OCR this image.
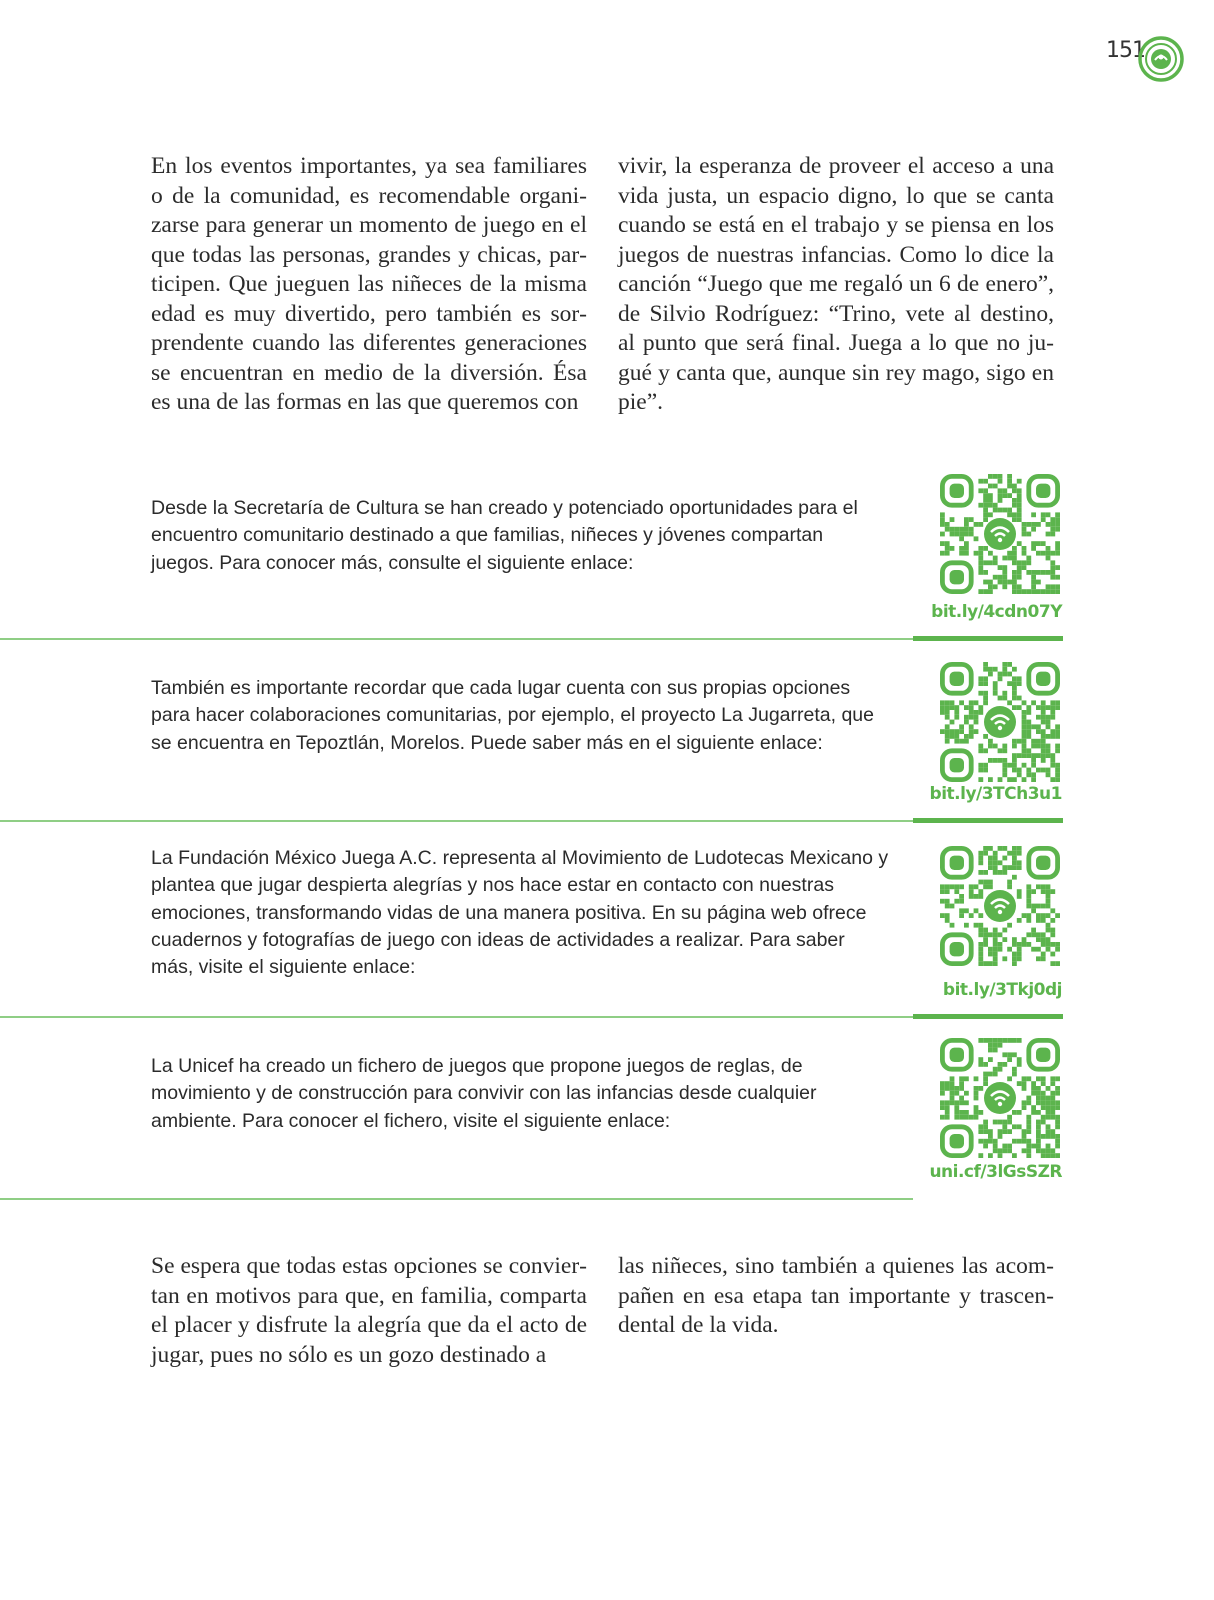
151

En los eventos importantes, ya sea familiares o de la comunidad, es recomendable organizarse para generar un momento de juego en el que todas las personas, grandes y chicas, participen. Que jueguen las niñeces de la misma edad es muy divertido, pero también es sorprendente cuando las diferentes generaciones se encuentran en medio de la diversión. Ésa es una de las formas en las que queremos con

vivir, la esperanza de proveer el acceso a una vida justa, un espacio digno, lo que se canta cuando se está en el trabajo y se piensa en los juegos de nuestras infancias. Como lo dice la canción “Juego que me regaló un 6 de enero”, de Silvio Rodríguez: “Trino, vete al destino, al punto que será final. Juega a lo que no jugué y canta que, aunque sin rey mago, sigo en pie”.

Desde la Secretaría de Cultura se han creado y potenciado oportunidades para el encuentro comunitario destinado a que familias, niñeces y jóvenes compartan juegos. Para conocer más, consulte el siguiente enlace:
bit.ly/4cdn07Y
También es importante recordar que cada lugar cuenta con sus propias opciones para hacer colaboraciones comunitarias, por ejemplo, el proyecto La Jugarreta, que se encuentra en Tepoztlán, Morelos. Puede saber más en el siguiente enlace:
bit.ly/3TCh3u1
La Fundación México Juega A.C. representa al Movimiento de Ludotecas Mexicano y plantea que jugar despierta alegrías y nos hace estar en contacto con nuestras emociones, transformando vidas de una manera positiva. En su página web ofrece cuadernos y fotografías de juego con ideas de actividades a realizar. Para saber más, visite el siguiente enlace:
bit.ly/3Tkj0dj
La Unicef ha creado un fichero de juegos que propone juegos de reglas, de movimiento y de construcción para convivir con las infancias desde cualquier ambiente. Para conocer el fichero, visite el siguiente enlace:
uni.cf/3lGsSZR

Se espera que todas estas opciones se conviertan en motivos para que, en familia, comparta el placer y disfrute la alegría que da el acto de jugar, pues no sólo es un gozo destinado a

las niñeces, sino también a quienes las acompañen en esa etapa tan importante y trascendental de la vida.
